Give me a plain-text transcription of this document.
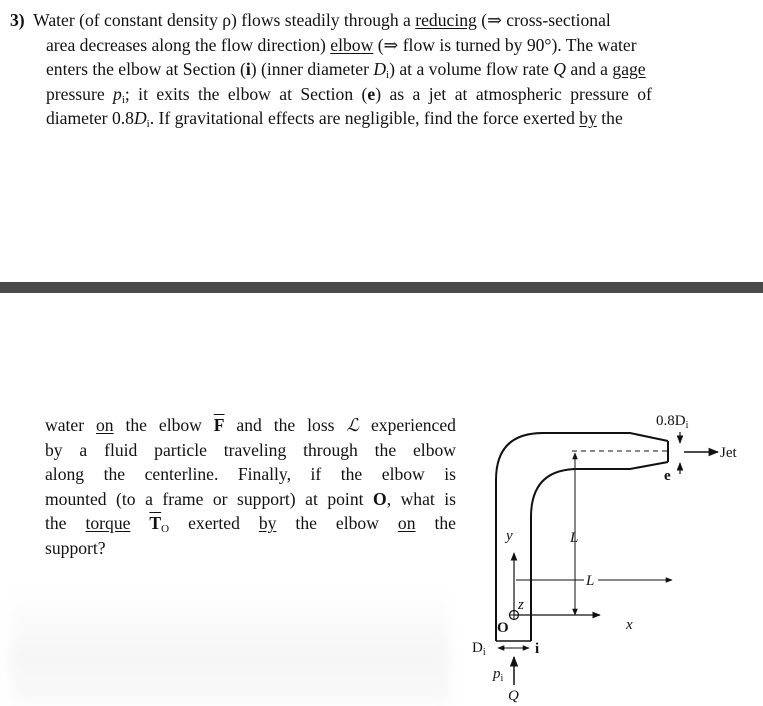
3) Water (of constant density ρ) flows steadily through a reducing (⇒ cross-sectional
area decreases along the flow direction) elbow (⇒ flow is turned by 90°). The water
enters the elbow at Section (i) (inner diameter $D_i$) at a volume flow rate Q and a gage
pressure $p_i$; it exits the elbow at Section (e) as a jet at atmospheric pressure of
diameter $0.8D_i$. If gravitational effects are negligible, find the force exerted by the
water on the elbow $\overline{F}$ and the loss ℒ experienced
by a fluid particle traveling through the elbow
along the centerline. Finally, if the elbow is
mounted (to a frame or support) at point O, what is
the torque $\overline{T}_O$ exerted by the elbow on the
support?
$0.8D_i$
e
Jet
L
L
y
x
z
O
$D_i$	i
$p_i$
Q
